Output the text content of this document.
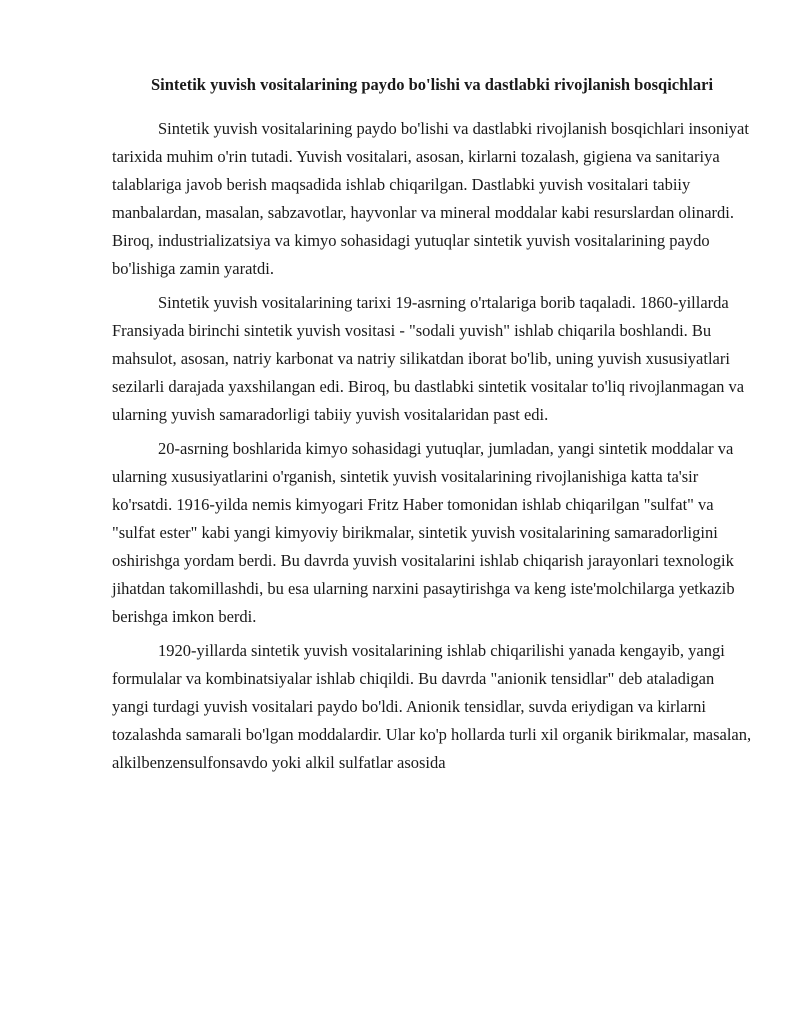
Sintetik yuvish vositalarining paydo bo'lishi va dastlabki rivojlanish bosqichlari

Sintetik yuvish vositalarining paydo bo'lishi va dastlabki rivojlanish bosqichlari insoniyat tarixida muhim o'rin tutadi. Yuvish vositalari, asosan, kirlarni tozalash, gigiena va sanitariya talablariga javob berish maqsadida ishlab chiqarilgan. Dastlabki yuvish vositalari tabiiy manbalardan, masalan, sabzavotlar, hayvonlar va mineral moddalar kabi resurslardan olinardi. Biroq, industrializatsiya va kimyo sohasidagi yutuqlar sintetik yuvish vositalarining paydo bo'lishiga zamin yaratdi.

Sintetik yuvish vositalarining tarixi 19-asrning o'rtalariga borib taqaladi. 1860-yillarda Fransiyada birinchi sintetik yuvish vositasi - "sodali yuvish" ishlab chiqarila boshlandi. Bu mahsulot, asosan, natriy karbonat va natriy silikatdan iborat bo'lib, uning yuvish xususiyatlari sezilarli darajada yaxshilangan edi. Biroq, bu dastlabki sintetik vositalar to'liq rivojlanmagan va ularning yuvish samaradorligi tabiiy yuvish vositalaridan past edi.

20-asrning boshlarida kimyo sohasidagi yutuqlar, jumladan, yangi sintetik moddalar va ularning xususiyatlarini o'rganish, sintetik yuvish vositalarining rivojlanishiga katta ta'sir ko'rsatdi. 1916-yilda nemis kimyogari Fritz Haber tomonidan ishlab chiqarilgan "sulfat" va "sulfat ester" kabi yangi kimyoviy birikmalar, sintetik yuvish vositalarining samaradorligini oshirishga yordam berdi. Bu davrda yuvish vositalarini ishlab chiqarish jarayonlari texnologik jihatdan takomillashdi, bu esa ularning narxini pasaytirishga va keng iste'molchilarga yetkazib berishga imkon berdi.

1920-yillarda sintetik yuvish vositalarining ishlab chiqarilishi yanada kengayib, yangi formulalar va kombinatsiyalar ishlab chiqildi. Bu davrda "anionik tensidlar" deb ataladigan yangi turdagi yuvish vositalari paydo bo'ldi. Anionik tensidlar, suvda eriydigan va kirlarni tozalashda samarali bo'lgan moddalardir. Ular ko'p hollarda turli xil organik birikmalar, masalan, alkilbenzensulfonsavdo yoki alkil sulfatlar asosida
